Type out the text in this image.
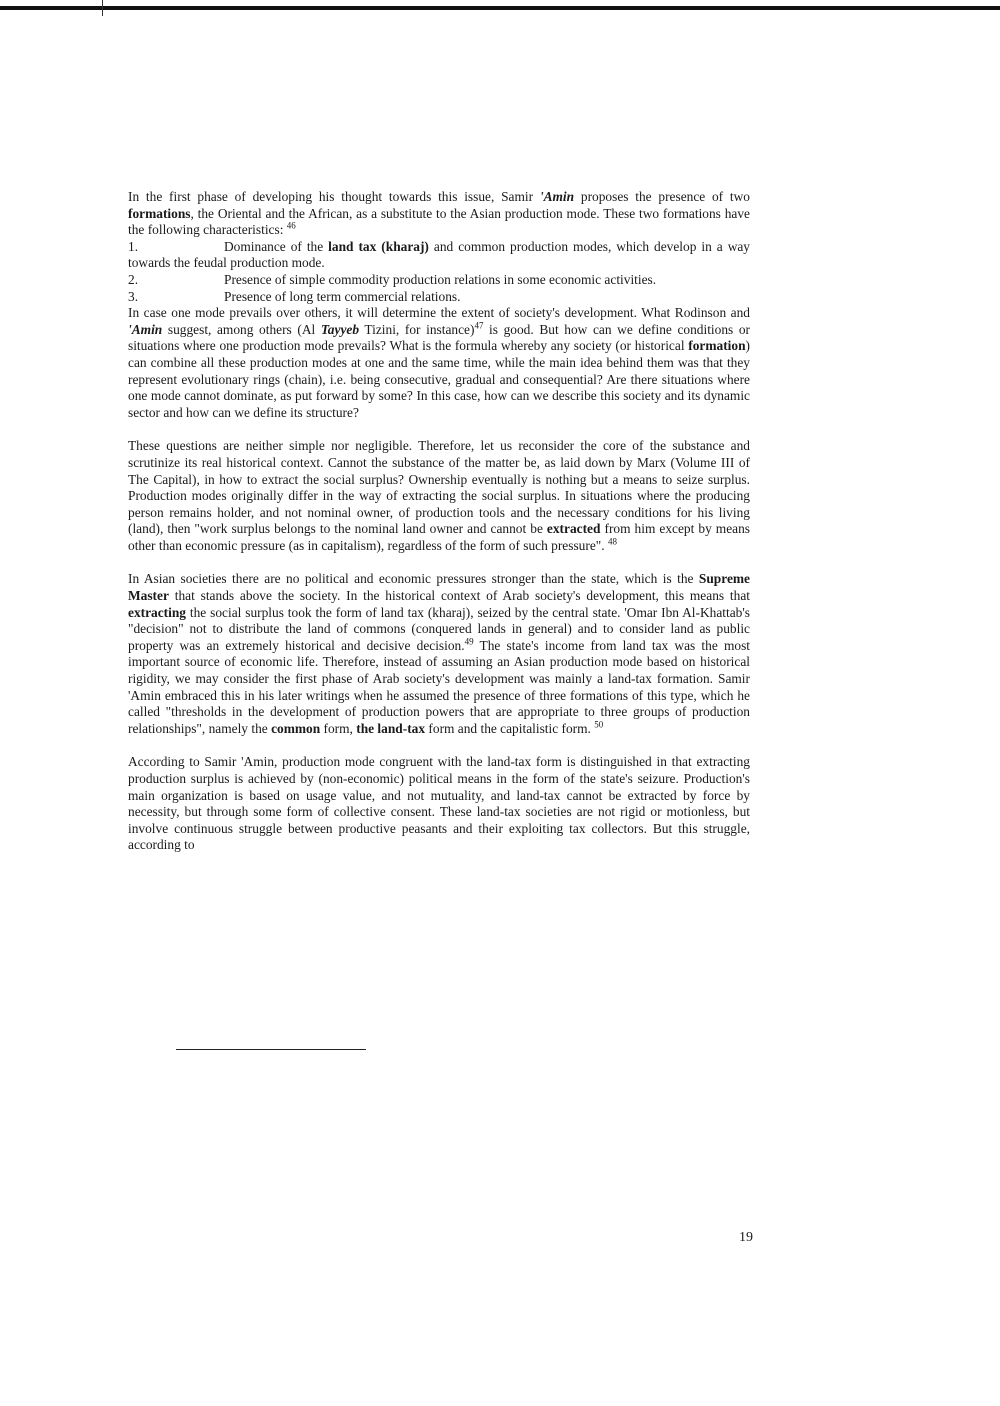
In the first phase of developing his thought towards this issue, Samir 'Amin proposes the presence of two formations, the Oriental and the African, as a substitute to the Asian production mode. These two formations have the following characteristics: $^{46}$

1.	Dominance of the land tax (kharaj) and common production modes, which develop in a way towards the feudal production mode.
2.	Presence of simple commodity production relations in some economic activities.
3.	Presence of long term commercial relations.

In case one mode prevails over others, it will determine the extent of society's development. What Rodinson and 'Amin suggest, among others (Al Tayyeb Tizini, for instance)$^{47}$ is good. But how can we define conditions or situations where one production mode prevails? What is the formula whereby any society (or historical formation) can combine all these production modes at one and the same time, while the main idea behind them was that they represent evolutionary rings (chain), i.e. being consecutive, gradual and consequential? Are there situations where one mode cannot dominate, as put forward by some? In this case, how can we describe this society and its dynamic sector and how can we define its structure?

These questions are neither simple nor negligible. Therefore, let us reconsider the core of the substance and scrutinize its real historical context. Cannot the substance of the matter be, as laid down by Marx (Volume III of The Capital), in how to extract the social surplus? Ownership eventually is nothing but a means to seize surplus. Production modes originally differ in the way of extracting the social surplus. In situations where the producing person remains holder, and not nominal owner, of production tools and the necessary conditions for his living (land), then "work surplus belongs to the nominal land owner and cannot be extracted from him except by means other than economic pressure (as in capitalism), regardless of the form of such pressure". $^{48}$

In Asian societies there are no political and economic pressures stronger than the state, which is the Supreme Master that stands above the society. In the historical context of Arab society's development, this means that extracting the social surplus took the form of land tax (kharaj), seized by the central state. 'Omar Ibn Al-Khattab's "decision" not to distribute the land of commons (conquered lands in general) and to consider land as public property was an extremely historical and decisive decision.$^{49}$ The state's income from land tax was the most important source of economic life. Therefore, instead of assuming an Asian production mode based on historical rigidity, we may consider the first phase of Arab society's development was mainly a land-tax formation. Samir 'Amin embraced this in his later writings when he assumed the presence of three formations of this type, which he called "thresholds in the development of production powers that are appropriate to three groups of production relationships", namely the common form, the land-tax form and the capitalistic form. $^{50}$

According to Samir 'Amin, production mode congruent with the land-tax form is distinguished in that extracting production surplus is achieved by (non-economic) political means in the form of the state's seizure. Production's main organization is based on usage value, and not mutuality, and land-tax cannot be extracted by force by necessity, but through some form of collective consent. These land-tax societies are not rigid or motionless, but involve continuous struggle between productive peasants and their exploiting tax collectors. But this struggle, according to

19
